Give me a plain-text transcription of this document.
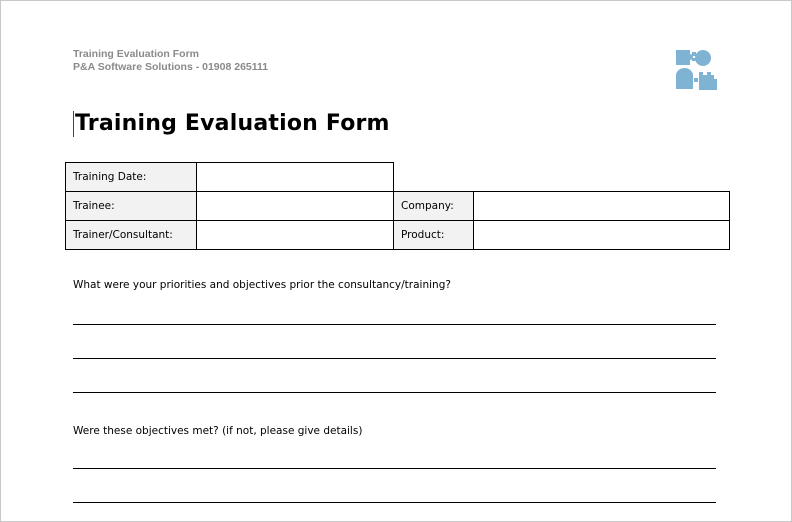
Training Evaluation Form
P&A Software Solutions - 01908 265111
Training Evaluation Form
Training Date:
Trainee:	Company:
Trainer/Consultant:	Product:
What were your priorities and objectives prior the consultancy/training?
Were these objectives met? (if not, please give details)
